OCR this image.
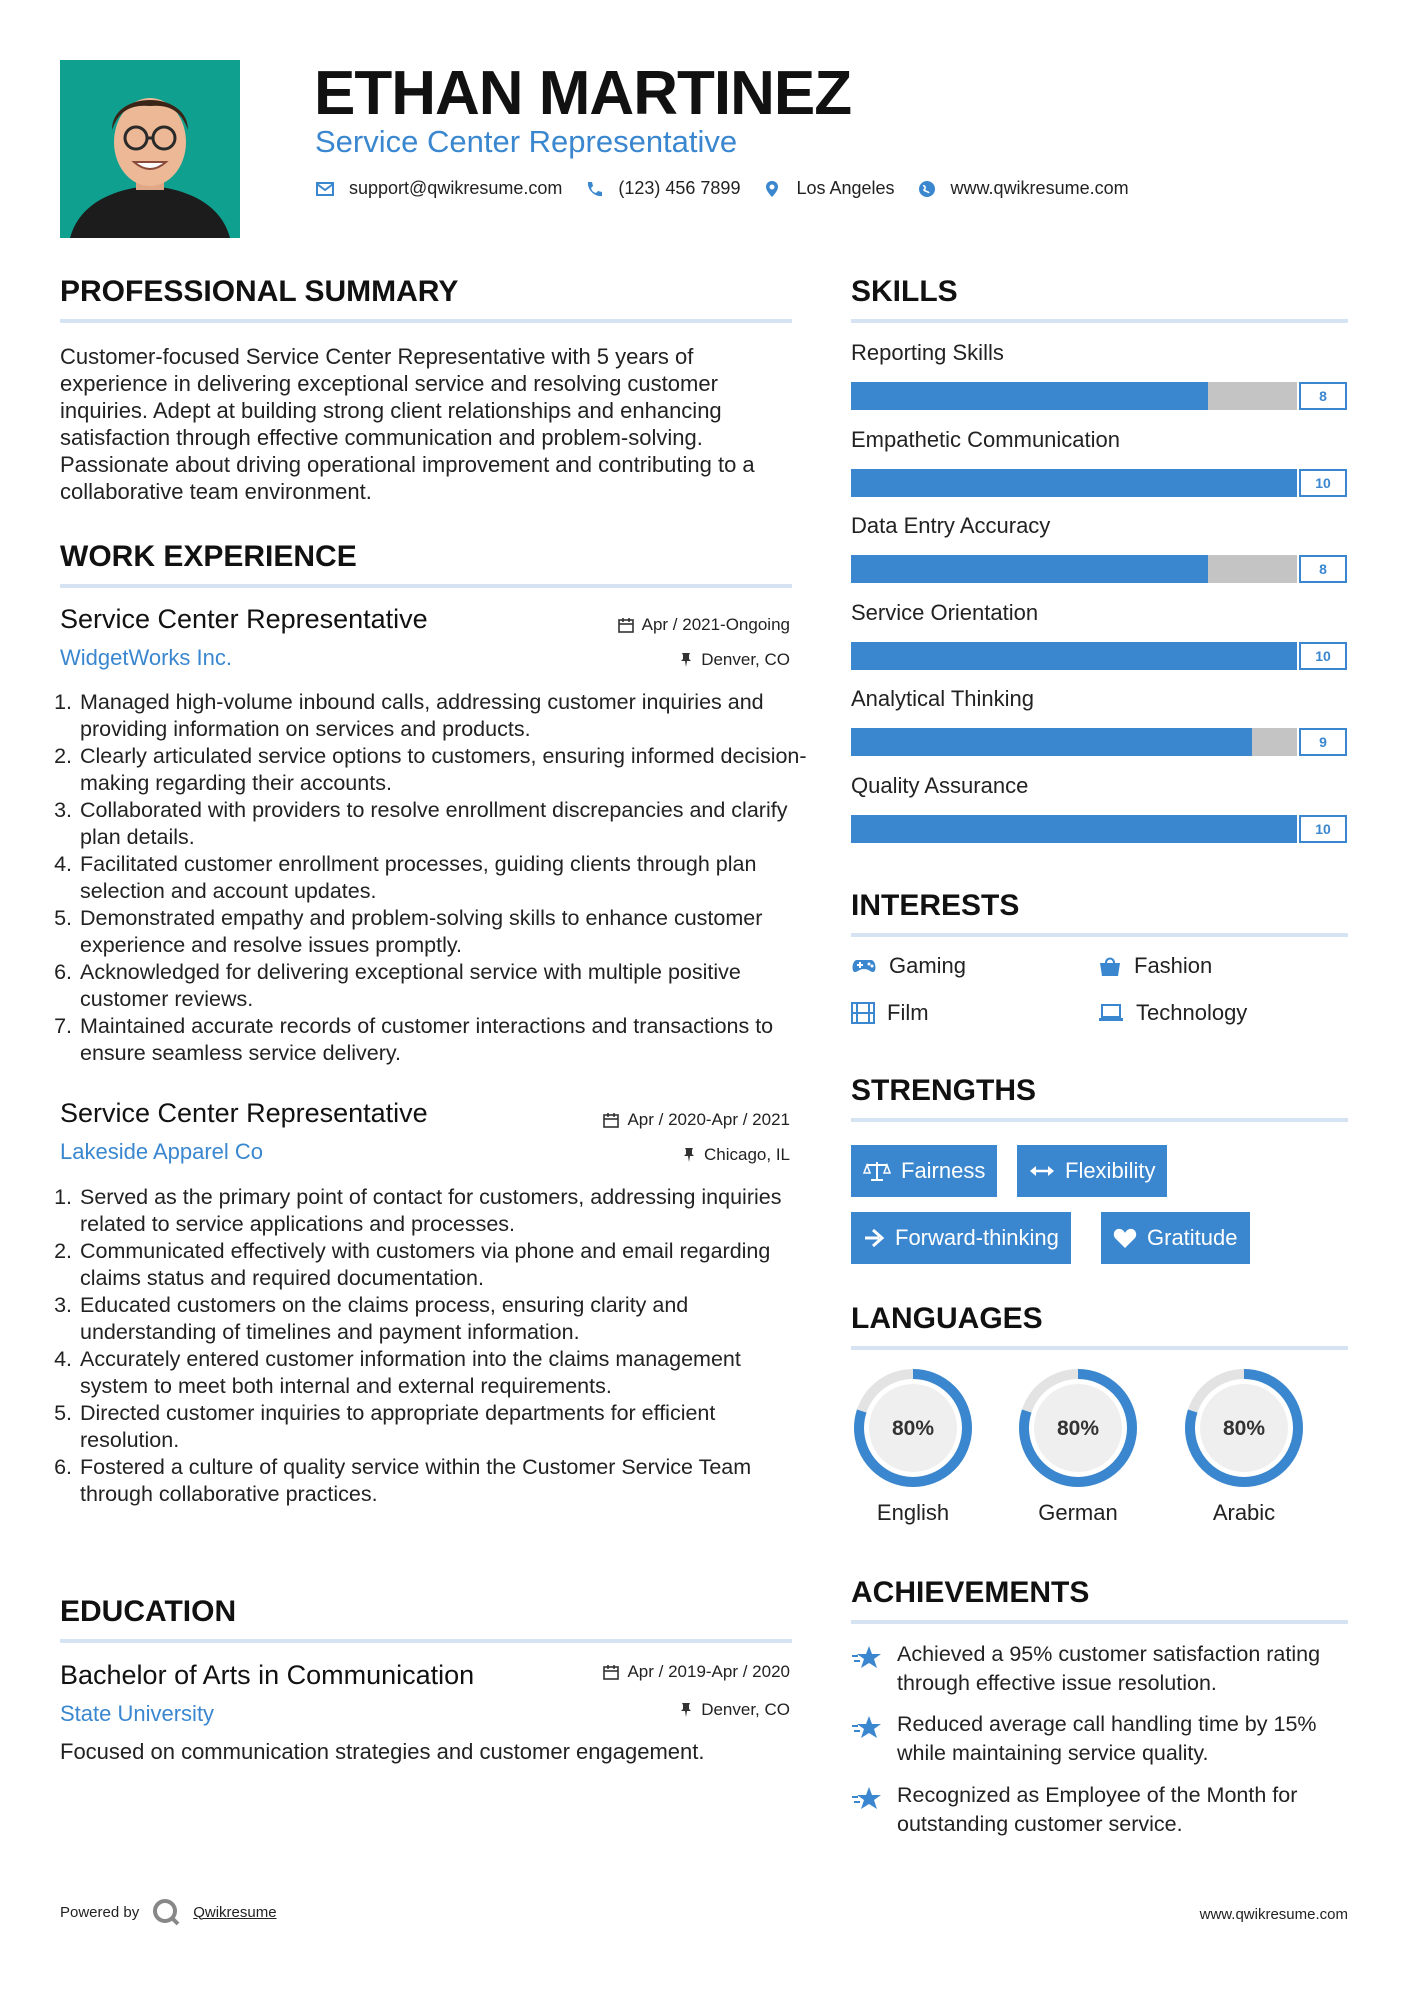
ETHAN MARTINEZ
Service Center Representative
support@qwikresume.com	(123) 456 7899	Los Angeles	www.qwikresume.com
PROFESSIONAL SUMMARY
Customer-focused Service Center Representative with 5 years of experience in delivering exceptional service and resolving customer inquiries. Adept at building strong client relationships and enhancing satisfaction through effective communication and problem-solving. Passionate about driving operational improvement and contributing to a collaborative team environment.
WORK EXPERIENCE
Service Center Representative
WidgetWorks Inc.
Apr / 2021-Ongoing
Denver, CO
1. Managed high-volume inbound calls, addressing customer inquiries and providing information on services and products.
2. Clearly articulated service options to customers, ensuring informed decision-making regarding their accounts.
3. Collaborated with providers to resolve enrollment discrepancies and clarify plan details.
4. Facilitated customer enrollment processes, guiding clients through plan selection and account updates.
5. Demonstrated empathy and problem-solving skills to enhance customer experience and resolve issues promptly.
6. Acknowledged for delivering exceptional service with multiple positive customer reviews.
7. Maintained accurate records of customer interactions and transactions to ensure seamless service delivery.
Service Center Representative
Lakeside Apparel Co
Apr / 2020-Apr / 2021
Chicago, IL
1. Served as the primary point of contact for customers, addressing inquiries related to service applications and processes.
2. Communicated effectively with customers via phone and email regarding claims status and required documentation.
3. Educated customers on the claims process, ensuring clarity and understanding of timelines and payment information.
4. Accurately entered customer information into the claims management system to meet both internal and external requirements.
5. Directed customer inquiries to appropriate departments for efficient resolution.
6. Fostered a culture of quality service within the Customer Service Team through collaborative practices.
EDUCATION
Bachelor of Arts in Communication
State University
Apr / 2019-Apr / 2020
Denver, CO
Focused on communication strategies and customer engagement.
SKILLS
Reporting Skills
8
Empathetic Communication
10
Data Entry Accuracy
8
Service Orientation
10
Analytical Thinking
9
Quality Assurance
10
INTERESTS
Gaming	Fashion
Film	Technology
STRENGTHS
Fairness	Flexibility
Forward-thinking	Gratitude
LANGUAGES
80%
English
80%
German
80%
Arabic
ACHIEVEMENTS
Achieved a 95% customer satisfaction rating through effective issue resolution.
Reduced average call handling time by 15% while maintaining service quality.
Recognized as Employee of the Month for outstanding customer service.
Powered by	Qwikresume	www.qwikresume.com
